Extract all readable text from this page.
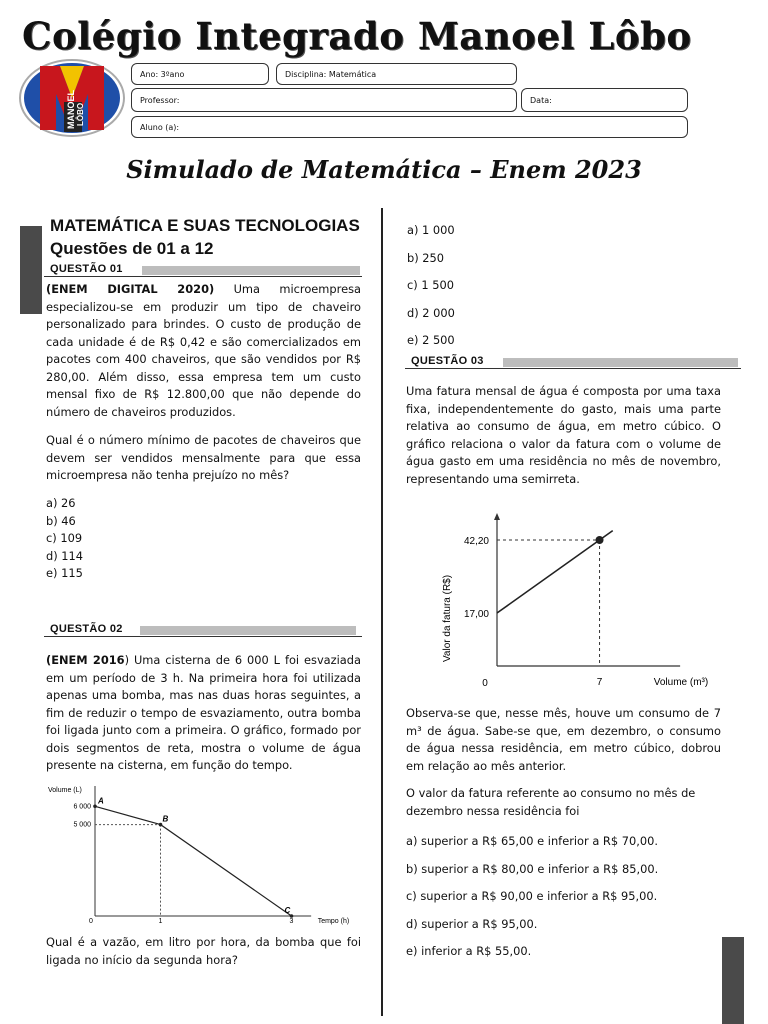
Colégio Integrado Manoel Lôbo
MANOEL LÔBO
Ano: 3ºano	Disciplina: Matemática
Professor:	Data:
Aluno (a):
Simulado de Matemática – Enem 2023
MATEMÁTICA E SUAS TECNOLOGIAS
Questões de 01 a 12
QUESTÃO 01
(ENEM DIGITAL 2020) Uma microempresa especializou-se em produzir um tipo de chaveiro personalizado para brindes. O custo de produção de cada unidade é de R$ 0,42 e são comercializados em pacotes com 400 chaveiros, que são vendidos por R$ 280,00. Além disso, essa empresa tem um custo mensal fixo de R$ 12.800,00 que não depende do número de chaveiros produzidos.
Qual é o número mínimo de pacotes de chaveiros que devem ser vendidos mensalmente para que essa microempresa não tenha prejuízo no mês?
a) 26
b) 46
c) 109
d) 114
e) 115
QUESTÃO 02
(ENEM 2016) Uma cisterna de 6 000 L foi esvaziada em um período de 3 h. Na primeira hora foi utilizada apenas uma bomba, mas nas duas horas seguintes, a fim de reduzir o tempo de esvaziamento, outra bomba foi ligada junto com a primeira. O gráfico, formado por dois segmentos de reta, mostra o volume de água presente na cisterna, em função do tempo.
Volume (L)
Tempo (h)
0	1	3
6 000
5 000
A
B
C
Qual é a vazão, em litro por hora, da bomba que foi ligada no início da segunda hora?
a) 1 000
b) 250
c) 1 500
d) 2 000
e) 2 500
QUESTÃO 03
Uma fatura mensal de água é composta por uma taxa fixa, independentemente do gasto, mais uma parte relativa ao consumo de água, em metro cúbico. O gráfico relaciona o valor da fatura com o volume de água gasto em uma residência no mês de novembro, representando uma semirreta.
Valor da fatura (R$)
Volume (m³)
0	7
42,20
17,00
Observa-se que, nesse mês, houve um consumo de 7 m³ de água. Sabe-se que, em dezembro, o consumo de água nessa residência, em metro cúbico, dobrou em relação ao mês anterior.
O valor da fatura referente ao consumo no mês de dezembro nessa residência foi
a) superior a R$ 65,00 e inferior a R$ 70,00.
b) superior a R$ 80,00 e inferior a R$ 85,00.
c) superior a R$ 90,00 e inferior a R$ 95,00.
d) superior a R$ 95,00.
e) inferior a R$ 55,00.
